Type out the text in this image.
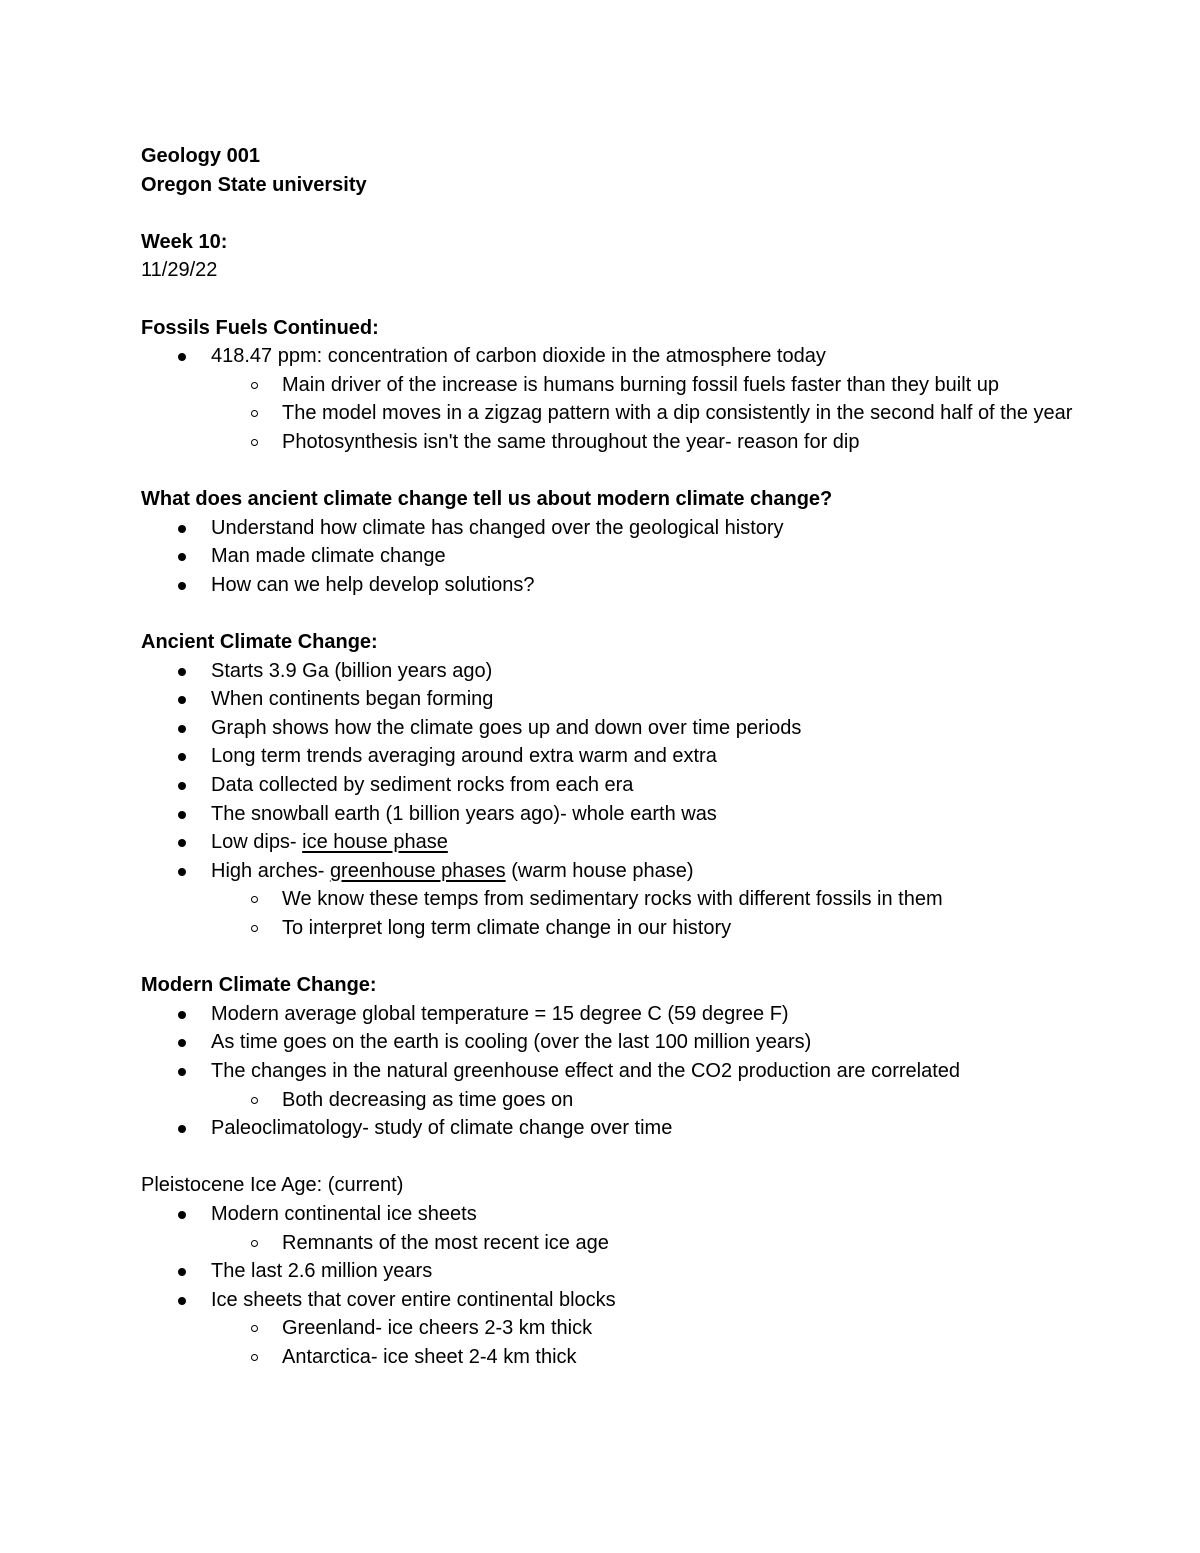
Geology 001
Oregon State university
Week 10:
11/29/22
Fossils Fuels Continued:
418.47 ppm: concentration of carbon dioxide in the atmosphere today
Main driver of the increase is humans burning fossil fuels faster than they built up
The model moves in a zigzag pattern with a dip consistently in the second half of the year
Photosynthesis isn't the same throughout the year- reason for dip
What does ancient climate change tell us about modern climate change?
Understand how climate has changed over the geological history
Man made climate change
How can we help develop solutions?
Ancient Climate Change:
Starts 3.9 Ga (billion years ago)
When continents began forming
Graph shows how the climate goes up and down over time periods
Long term trends averaging around extra warm and extra
Data collected by sediment rocks from each era
The snowball earth (1 billion years ago)- whole earth was
Low dips- ice house phase
High arches- greenhouse phases (warm house phase)
We know these temps from sedimentary rocks with different fossils in them
To interpret long term climate change in our history
Modern Climate Change:
Modern average global temperature = 15 degree C (59 degree F)
As time goes on the earth is cooling (over the last 100 million years)
The changes in the natural greenhouse effect and the CO2 production are correlated
Both decreasing as time goes on
Paleoclimatology- study of climate change over time
Pleistocene Ice Age: (current)
Modern continental ice sheets
Remnants of the most recent ice age
The last 2.6 million years
Ice sheets that cover entire continental blocks
Greenland- ice cheers 2-3 km thick
Antarctica- ice sheet 2-4 km thick
